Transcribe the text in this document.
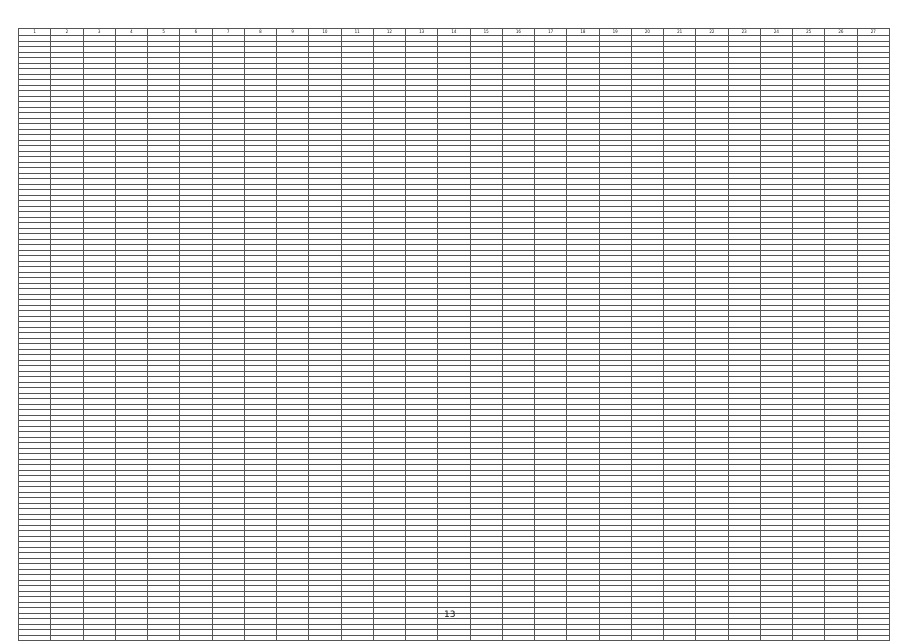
1	2	3	4	5	6	7	8	9	10	11	12	13	14	15	16	17	18	19	20	21	22	23	24	25	26	27

13
